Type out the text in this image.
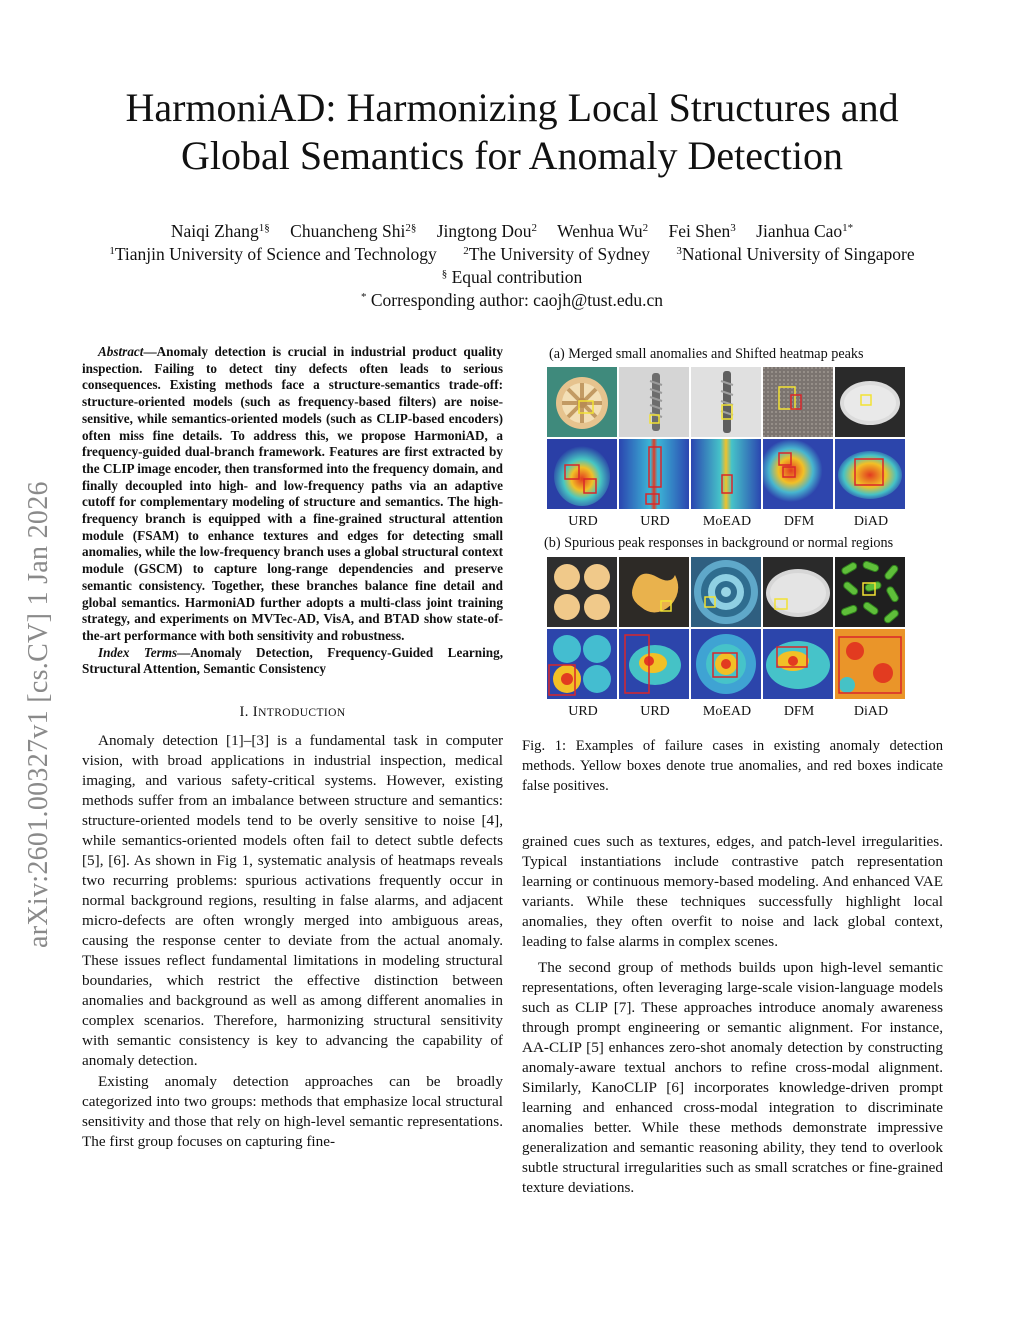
arXiv:2601.00327v1 [cs.CV] 1 Jan 2026
HarmoniAD: Harmonizing Local Structures and
Global Semantics for Anomaly Detection
Naiqi Zhang$^{1\S}$ Chuancheng Shi$^{2\S}$ Jingtong Dou$^2$ Wenhua Wu$^2$ Fei Shen$^3$ Jianhua Cao$^{1*}$
$^1$Tianjin University of Science and Technology $^2$The University of Sydney $^3$National University of Singapore
§ Equal contribution
* Corresponding author: caojh@tust.edu.cn

Abstract—Anomaly detection is crucial in industrial product quality inspection. Failing to detect tiny defects often leads to serious consequences. Existing methods face a structure-semantics trade-off: structure-oriented models (such as frequency-based filters) are noise-sensitive, while semantics-oriented models (such as CLIP-based encoders) often miss fine details. To address this, we propose HarmoniAD, a frequency-guided dual-branch framework. Features are first extracted by the CLIP image encoder, then transformed into the frequency domain, and finally decoupled into high- and low-frequency paths via an adaptive cutoff for complementary modeling of structure and semantics. The high-frequency branch is equipped with a fine-grained structural attention module (FSAM) to enhance textures and edges for detecting small anomalies, while the low-frequency branch uses a global structural context module (GSCM) to capture long-range dependencies and preserve semantic consistency. Together, these branches balance fine detail and global semantics. HarmoniAD further adopts a multi-class joint training strategy, and experiments on MVTec-AD, VisA, and BTAD show state-of-the-art performance with both sensitivity and robustness.

Index Terms—Anomaly Detection, Frequency-Guided Learning, Structural Attention, Semantic Consistency

I. INTRODUCTION

Anomaly detection [1]–[3] is a fundamental task in computer vision, with broad applications in industrial inspection, medical imaging, and various safety-critical systems. However, existing methods suffer from an imbalance between structure and semantics: structure-oriented models tend to be overly sensitive to noise [4], while semantics-oriented models often fail to detect subtle defects [5], [6]. As shown in Fig 1, systematic analysis of heatmaps reveals two recurring problems: spurious activations frequently occur in normal background regions, resulting in false alarms, and adjacent micro-defects are often wrongly merged into ambiguous areas, causing the response center to deviate from the actual anomaly. These issues reflect fundamental limitations in modeling structural boundaries, which restrict the effective distinction between anomalies and background as well as among different anomalies in complex scenarios. Therefore, harmonizing structural sensitivity with semantic consistency is key to advancing the capability of anomaly detection.

Existing anomaly detection approaches can be broadly categorized into two groups: methods that emphasize local structural sensitivity and those that rely on high-level semantic representations. The first group focuses on capturing fine-

(a) Merged small anomalies and Shifted heatmap peaks
URD	URD	MoEAD	DFM	DiAD
(b) Spurious peak responses in background or normal regions
URD	URD	MoEAD	DFM	DiAD
Fig. 1: Examples of failure cases in existing anomaly detection methods. Yellow boxes denote true anomalies, and red boxes indicate false positives.

grained cues such as textures, edges, and patch-level irregularities. Typical instantiations include contrastive patch representation learning or continuous memory-based modeling. And enhanced VAE variants. While these techniques successfully highlight local anomalies, they often overfit to noise and lack global context, leading to false alarms in complex scenes.

The second group of methods builds upon high-level semantic representations, often leveraging large-scale vision-language models such as CLIP [7]. These approaches introduce anomaly awareness through prompt engineering or semantic alignment. For instance, AA-CLIP [5] enhances zero-shot anomaly detection by constructing anomaly-aware textual anchors to refine cross-modal alignment. Similarly, KanoCLIP [6] incorporates knowledge-driven prompt learning and enhanced cross-modal integration to discriminate anomalies better. While these methods demonstrate impressive generalization and semantic reasoning ability, they tend to overlook subtle structural irregularities such as small scratches or fine-grained texture deviations.
